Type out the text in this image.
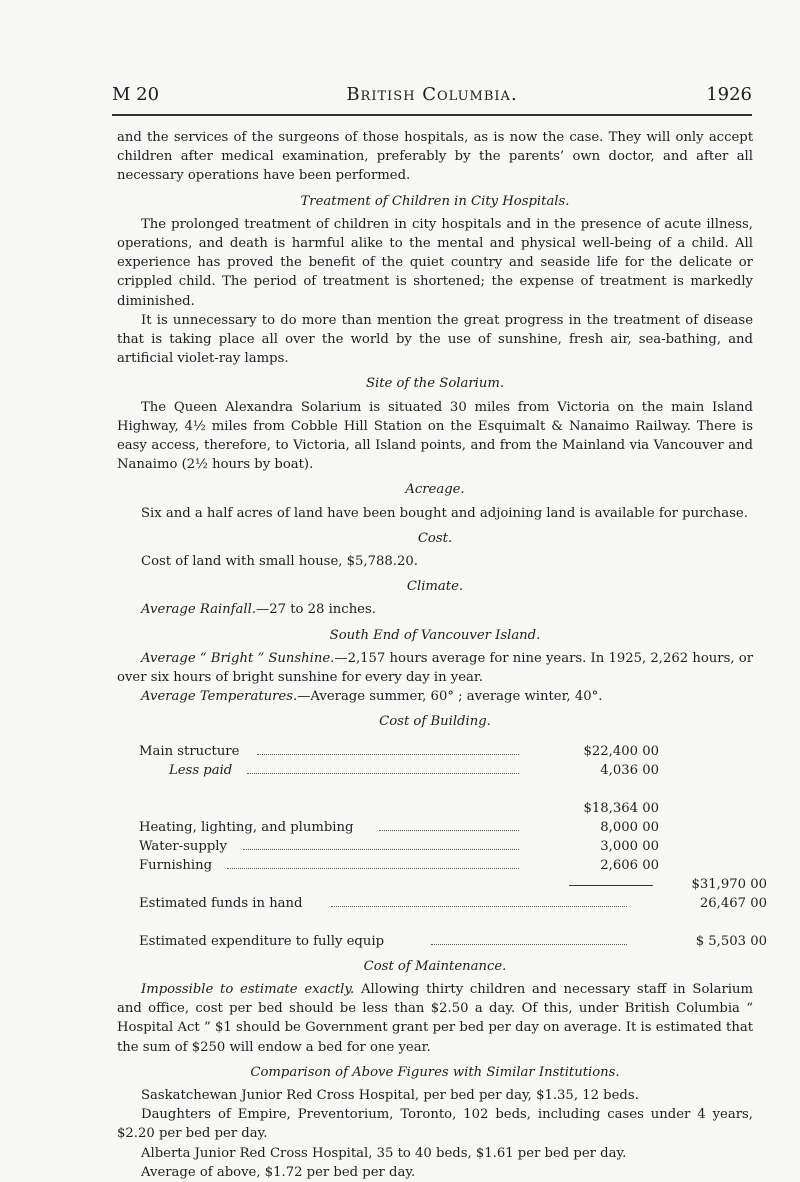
M 20	British Columbia.	1926

and the services of the surgeons of those hospitals, as is now the case. They will only accept children after medical examination, preferably by the parents’ own doctor, and after all necessary operations have been performed.

Treatment of Children in City Hospitals.

The prolonged treatment of children in city hospitals and in the presence of acute illness, operations, and death is harmful alike to the mental and physical well-being of a child. All experience has proved the benefit of the quiet country and seaside life for the delicate or crippled child. The period of treatment is shortened; the expense of treatment is markedly diminished.

It is unnecessary to do more than mention the great progress in the treatment of disease that is taking place all over the world by the use of sunshine, fresh air, sea-bathing, and artificial violet-ray lamps.

Site of the Solarium.

The Queen Alexandra Solarium is situated 30 miles from Victoria on the main Island Highway, 4½ miles from Cobble Hill Station on the Esquimalt & Nanaimo Railway. There is easy access, therefore, to Victoria, all Island points, and from the Mainland via Vancouver and Nanaimo (2½ hours by boat).

Acreage.

Six and a half acres of land have been bought and adjoining land is available for purchase.

Cost.

Cost of land with small house, $5,788.20.

Climate.

Average Rainfall.—27 to 28 inches.

South End of Vancouver Island.

Average “ Bright ” Sunshine.—2,157 hours average for nine years. In 1925, 2,262 hours, or over six hours of bright sunshine for every day in year.

Average Temperatures.—Average summer, 60° ; average winter, 40°.

Cost of Building.

Main structure	$22,400 00
Less paid	4,036 00
$18,364 00
Heating, lighting, and plumbing	8,000 00
Water-supply	3,000 00
Furnishing	2,606 00
$31,970 00
Estimated funds in hand	26,467 00
Estimated expenditure to fully equip	$ 5,503 00

Cost of Maintenance.

Impossible to estimate exactly. Allowing thirty children and necessary staff in Solarium and office, cost per bed should be less than $2.50 a day. Of this, under British Columbia “ Hospital Act ” $1 should be Government grant per bed per day on average. It is estimated that the sum of $250 will endow a bed for one year.

Comparison of Above Figures with Similar Institutions.

Saskatchewan Junior Red Cross Hospital, per bed per day, $1.35, 12 beds.

Daughters of Empire, Preventorium, Toronto, 102 beds, including cases under 4 years, $2.20 per bed per day.

Alberta Junior Red Cross Hospital, 35 to 40 beds, $1.61 per bed per day.

Average of above, $1.72 per bed per day.
